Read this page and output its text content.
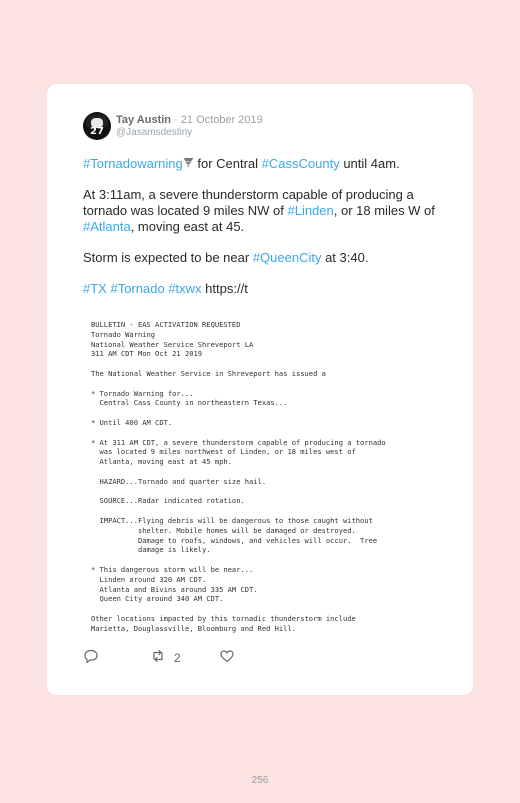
27
Tay Austin · 21 October 2019
@Jasamsdestiny

#Tornadowarning for Central #CassCounty until 4am.

At 3:11am, a severe thunderstorm capable of producing a tornado was located 9 miles NW of #Linden, or 18 miles W of #Atlanta, moving east at 45.

Storm is expected to be near #QueenCity at 3:40.

#TX #Tornado #txwx https://t

BULLETIN - EAS ACTIVATION REQUESTED
Tornado Warning
National Weather Service Shreveport LA
311 AM CDT Mon Oct 21 2019

The National Weather Service in Shreveport has issued a

* Tornado Warning for...
Central Cass County in northeastern Texas...

* Until 400 AM CDT.

* At 311 AM CDT, a severe thunderstorm capable of producing a tornado
was located 9 miles northwest of Linden, or 18 miles west of
Atlanta, moving east at 45 mph.

HAZARD...Tornado and quarter size hail.

SOURCE...Radar indicated rotation.

IMPACT...Flying debris will be dangerous to those caught without
shelter. Mobile homes will be damaged or destroyed.
Damage to roofs, windows, and vehicles will occur.  Tree
damage is likely.

* This dangerous storm will be near...
Linden around 320 AM CDT.
Atlanta and Bivins around 335 AM CDT.
Queen City around 340 AM CDT.

Other locations impacted by this tornadic thunderstorm include
Marietta, Douglassville, Bloomburg and Red Hill.
2
256
